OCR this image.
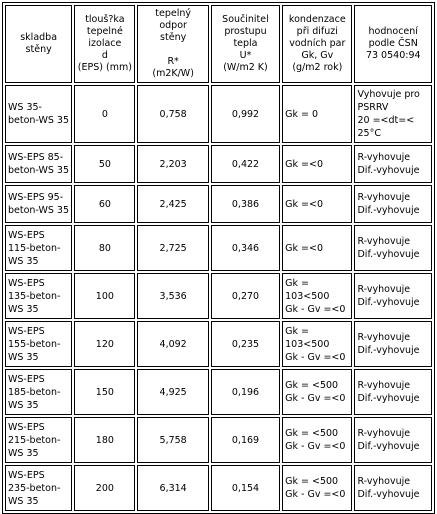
skladba
stěny	tlouš?ka
tepelné
izolace
d
(EPS) (mm)	tepelný odpor
stěny

R*
(m2K/W)	Součinitel
prostupu
tepla
U*
(W/m2 K)	kondenzace
při difuzi
vodních par
Gk, Gv
(g/m2 rok)	hodnocení
podle ČSN
73 0540:94

WS 35-
beton-WS 35	0	0,758	0,992	Gk = 0	Vyhovuje pro
PSRRV
20 =<dt=<
25°C

WS-EPS 85-
beton-WS 35	50	2,203	0,422	Gk =<0	R-vyhovuje
Dif.-vyhovuje

WS-EPS 95-
beton-WS 35	60	2,425	0,386	Gk =<0	R-vyhovuje
Dif.-vyhovuje

WS-EPS
115-beton-
WS 35	80	2,725	0,346	Gk =<0	R-vyhovuje
Dif.-vyhovuje

WS-EPS
135-beton-
WS 35	100	3,536	0,270	Gk = 103<500
Gk - Gv =<0	R-vyhovuje
Dif.-vyhovuje

WS-EPS
155-beton-
WS 35	120	4,092	0,235	Gk = 103<500
Gk - Gv =<0	R-vyhovuje
Dif.-vyhovuje

WS-EPS
185-beton-
WS 35	150	4,925	0,196	Gk = <500
Gk - Gv =<0	R-vyhovuje
Dif.-vyhovuje

WS-EPS
215-beton-
WS 35	180	5,758	0,169	Gk = <500
Gk - Gv =<0	R-vyhovuje
Dif.-vyhovuje

WS-EPS
235-beton-
WS 35	200	6,314	0,154	Gk = <500
Gk - Gv =<0	R-vyhovuje
Dif.-vyhovuje
